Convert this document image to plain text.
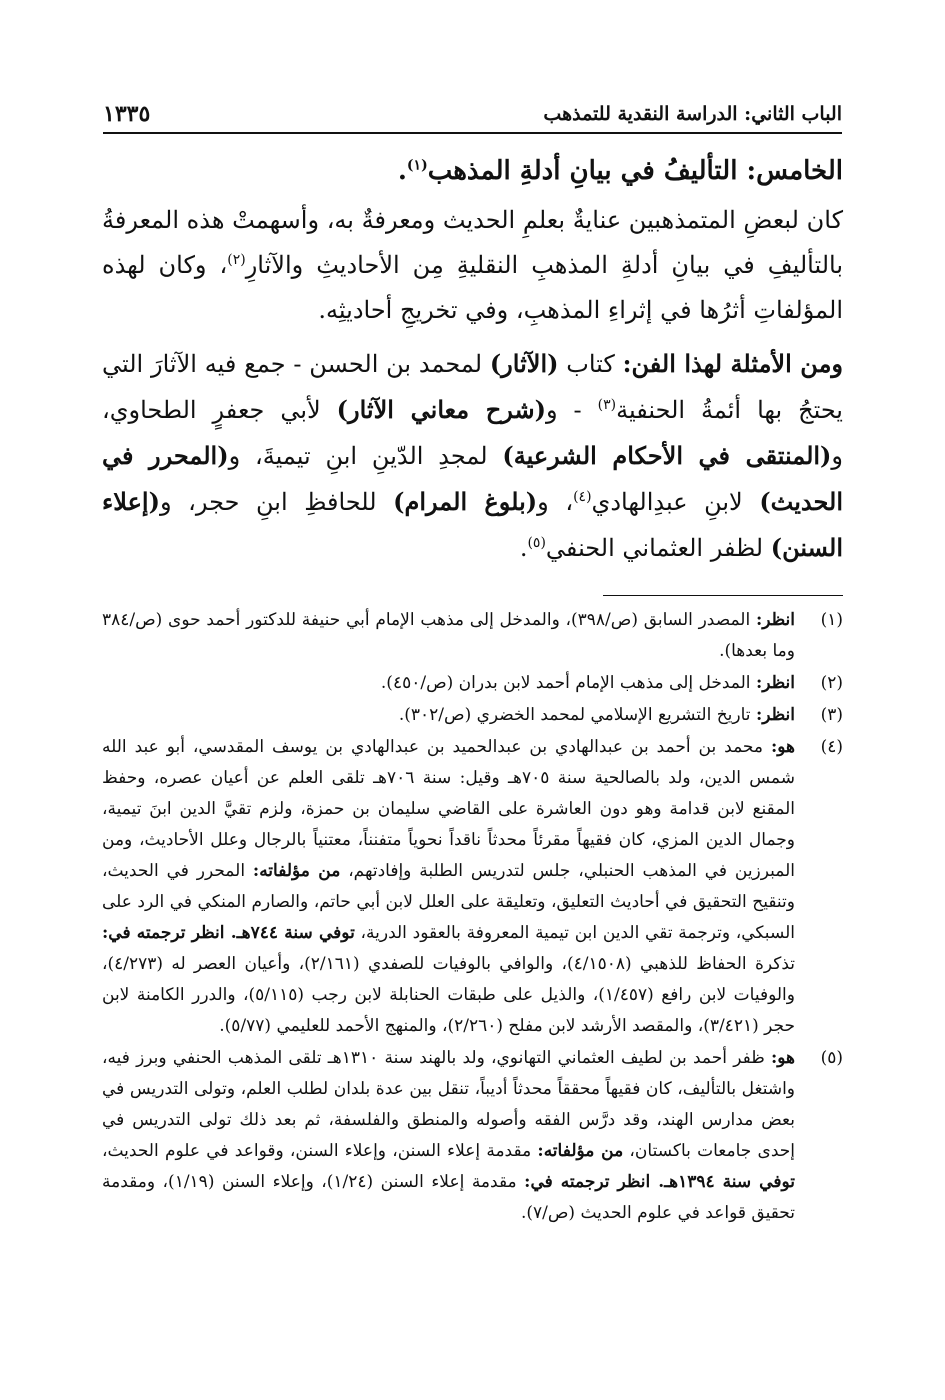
الباب الثاني: الدراسة النقدية للتمذهب
١٣٣٥

الخامس: التأليفُ في بيانِ أدلةِ المذهب$^{(١)}$.

كان لبعضِ المتمذهبين عنايةٌ بعلمِ الحديث ومعرفةٌ به، وأسهمتْ هذه المعرفةُ بالتأليفِ في بيانِ أدلةِ المذهبِ النقليةِ مِن الأحاديثِ والآثارِ$^{(٢)}$، وكان لهذه المؤلفاتِ أثرُها في إثراءِ المذهبِ، وفي تخريجِ أحاديثِه.

ومن الأمثلة لهذا الفن: كتاب (الآثار) لمحمد بن الحسن - جمع فيه الآثارَ التي يحتجُ بها أئمةُ الحنفية$^{(٣)}$ - و(شرح معاني الآثار) لأبي جعفرٍ الطحاوي، و(المنتقى في الأحكام الشرعية) لمجدِ الدّينِ ابنِ تيميةَ، و(المحرر في الحديث) لابنِ عبدِالهادي$^{(٤)}$، و(بلوغ المرام) للحافظِ ابنِ حجر، و(إعلاء السنن) لظفر العثماني الحنفي$^{(٥)}$.

(١)
انظر: المصدر السابق (ص/٣٩٨)، والمدخل إلى مذهب الإمام أبي حنيفة للدكتور أحمد حوى (ص/٣٨٤ وما بعدها).
(٢)
انظر: المدخل إلى مذهب الإمام أحمد لابن بدران (ص/٤٥٠).
(٣)
انظر: تاريخ التشريع الإسلامي لمحمد الخضري (ص/٣٠٢).
(٤)
هو: محمد بن أحمد بن عبدالهادي بن عبدالحميد بن عبدالهادي بن يوسف المقدسي، أبو عبد الله شمس الدين، ولد بالصالحية سنة ٧٠٥هـ وقيل: سنة ٧٠٦هـ تلقى العلم عن أعيان عصره، وحفظ المقنع لابن قدامة وهو دون العاشرة على القاضي سليمان بن حمزة، ولزم تقيَّ الدين ابنَ تيمية، وجمال الدين المزي، كان فقيهاً مقرئاً محدثاً ناقداً نحوياً متفنناً، معتنياً بالرجال وعلل الأحاديث، ومن المبرزين في المذهب الحنبلي، جلس لتدريس الطلبة وإفادتهم، من مؤلفاته: المحرر في الحديث، وتنقيح التحقيق في أحاديث التعليق، وتعليقة على العلل لابن أبي حاتم، والصارم المنكي في الرد على السبكي، وترجمة تقي الدين ابن تيمية المعروفة بالعقود الدرية، توفي سنة ٧٤٤هـ. انظر ترجمته في: تذكرة الحفاظ للذهبي (٤/١٥٠٨)، والوافي بالوفيات للصفدي (٢/١٦١)، وأعيان العصر له (٤/٢٧٣)، والوفيات لابن رافع (١/٤٥٧)، والذيل على طبقات الحنابلة لابن رجب (٥/١١٥)، والدرر الكامنة لابن حجر (٣/٤٢١)، والمقصد الأرشد لابن مفلح (٢/٢٦٠)، والمنهج الأحمد للعليمي (٥/٧٧).
(٥)
هو: ظفر أحمد بن لطيف العثماني التهانوي، ولد بالهند سنة ١٣١٠هـ تلقى المذهب الحنفي وبرز فيه، واشتغل بالتأليف، كان فقيهاً محققاً محدثاً أديباً، تنقل بين عدة بلدان لطلب العلم، وتولى التدريس في بعض مدارس الهند، وقد درَّس الفقه وأصوله والمنطق والفلسفة، ثم بعد ذلك تولى التدريس في إحدى جامعات باكستان، من مؤلفاته: مقدمة إعلاء السنن، وإعلاء السنن، وقواعد في علوم الحديث، توفي سنة ١٣٩٤هـ. انظر ترجمته في: مقدمة إعلاء السنن (١/٢٤)، وإعلاء السنن (١/١٩)، ومقدمة تحقيق قواعد في علوم الحديث (ص/٧).
